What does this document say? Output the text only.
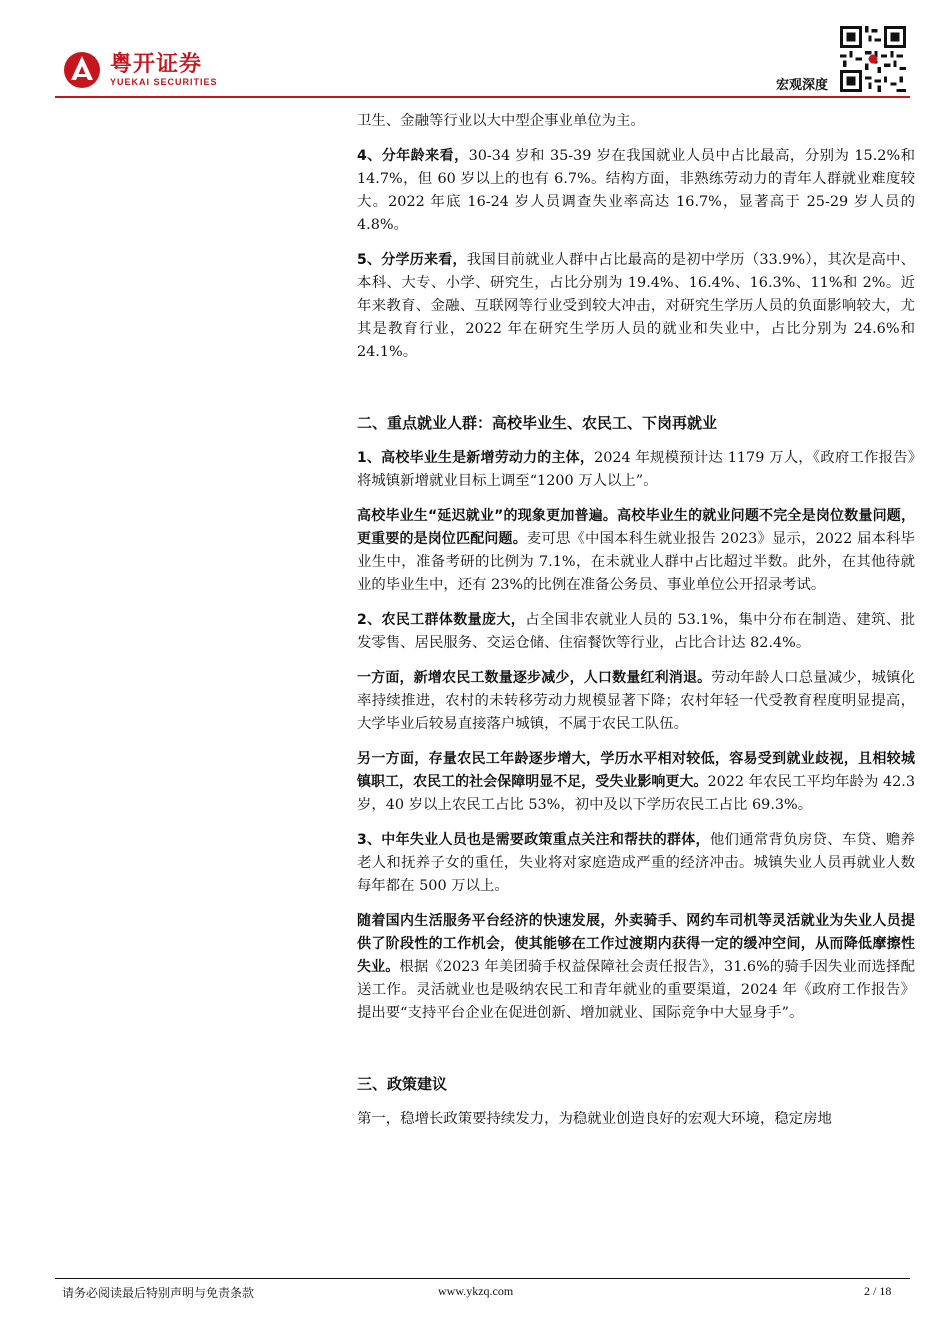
粤开证券
YUEKAI SECURITIES	宏观深度

卫生、金融等行业以大中型企事业单位为主。

4、分年龄来看，30-34 岁和 35-39 岁在我国就业人员中占比最高，分别为 15.2%和 14.7%，但 60 岁以上的也有 6.7%。结构方面，非熟练劳动力的青年人群就业难度较大。2022 年底 16-24 岁人员调查失业率高达 16.7%，显著高于 25-29 岁人员的 4.8%。

5、分学历来看，我国目前就业人群中占比最高的是初中学历（33.9%），其次是高中、本科、大专、小学、研究生，占比分别为 19.4%、16.4%、16.3%、11%和 2%。近年来教育、金融、互联网等行业受到较大冲击，对研究生学历人员的负面影响较大，尤其是教育行业，2022 年在研究生学历人员的就业和失业中，占比分别为 24.6%和 24.1%。

二、重点就业人群：高校毕业生、农民工、下岗再就业

1、高校毕业生是新增劳动力的主体，2024 年规模预计达 1179 万人，《政府工作报告》将城镇新增就业目标上调至“1200 万人以上”。

高校毕业生“延迟就业”的现象更加普遍。高校毕业生的就业问题不完全是岗位数量问题，更重要的是岗位匹配问题。麦可思《中国本科生就业报告 2023》显示，2022 届本科毕业生中，准备考研的比例为 7.1%，在未就业人群中占比超过半数。此外，在其他待就业的毕业生中，还有 23%的比例在准备公务员、事业单位公开招录考试。

2、农民工群体数量庞大，占全国非农就业人员的 53.1%，集中分布在制造、建筑、批发零售、居民服务、交运仓储、住宿餐饮等行业，占比合计达 82.4%。

一方面，新增农民工数量逐步减少，人口数量红利消退。劳动年龄人口总量减少，城镇化率持续推进，农村的未转移劳动力规模显著下降；农村年轻一代受教育程度明显提高，大学毕业后较易直接落户城镇，不属于农民工队伍。

另一方面，存量农民工年龄逐步增大，学历水平相对较低，容易受到就业歧视，且相较城镇职工，农民工的社会保障明显不足，受失业影响更大。2022 年农民工平均年龄为 42.3 岁，40 岁以上农民工占比 53%，初中及以下学历农民工占比 69.3%。

3、中年失业人员也是需要政策重点关注和帮扶的群体，他们通常背负房贷、车贷、赡养老人和抚养子女的重任，失业将对家庭造成严重的经济冲击。城镇失业人员再就业人数每年都在 500 万以上。

随着国内生活服务平台经济的快速发展，外卖骑手、网约车司机等灵活就业为失业人员提供了阶段性的工作机会，使其能够在工作过渡期内获得一定的缓冲空间，从而降低摩擦性失业。根据《2023 年美团骑手权益保障社会责任报告》，31.6%的骑手因失业而选择配送工作。灵活就业也是吸纳农民工和青年就业的重要渠道，2024 年《政府工作报告》提出要“支持平台企业在促进创新、增加就业、国际竞争中大显身手”。

三、政策建议

第一，稳增长政策要持续发力，为稳就业创造良好的宏观大环境，稳定房地

请务必阅读最后特别声明与免责条款	www.ykzq.com	2 / 18
